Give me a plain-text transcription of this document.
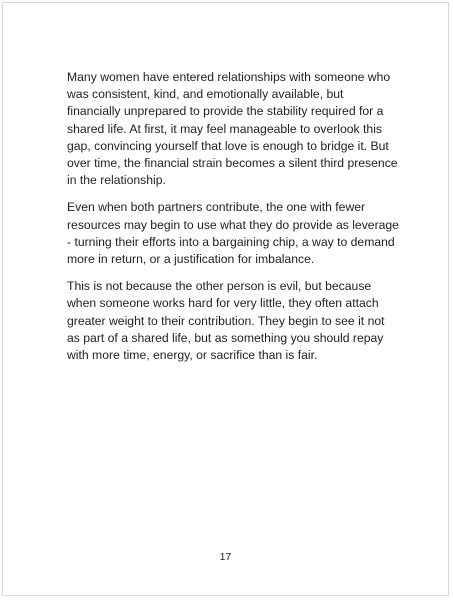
Many women have entered relationships with someone who was consistent, kind, and emotionally available, but financially unprepared to provide the stability required for a shared life. At first, it may feel manageable to overlook this gap, convincing yourself that love is enough to bridge it. But over time, the financial strain becomes a silent third presence in the relationship.

Even when both partners contribute, the one with fewer resources may begin to use what they do provide as leverage - turning their efforts into a bargaining chip, a way to demand more in return, or a justification for imbalance.

This is not because the other person is evil, but because when someone works hard for very little, they often attach greater weight to their contribution. They begin to see it not as part of a shared life, but as something you should repay with more time, energy, or sacrifice than is fair.

17
